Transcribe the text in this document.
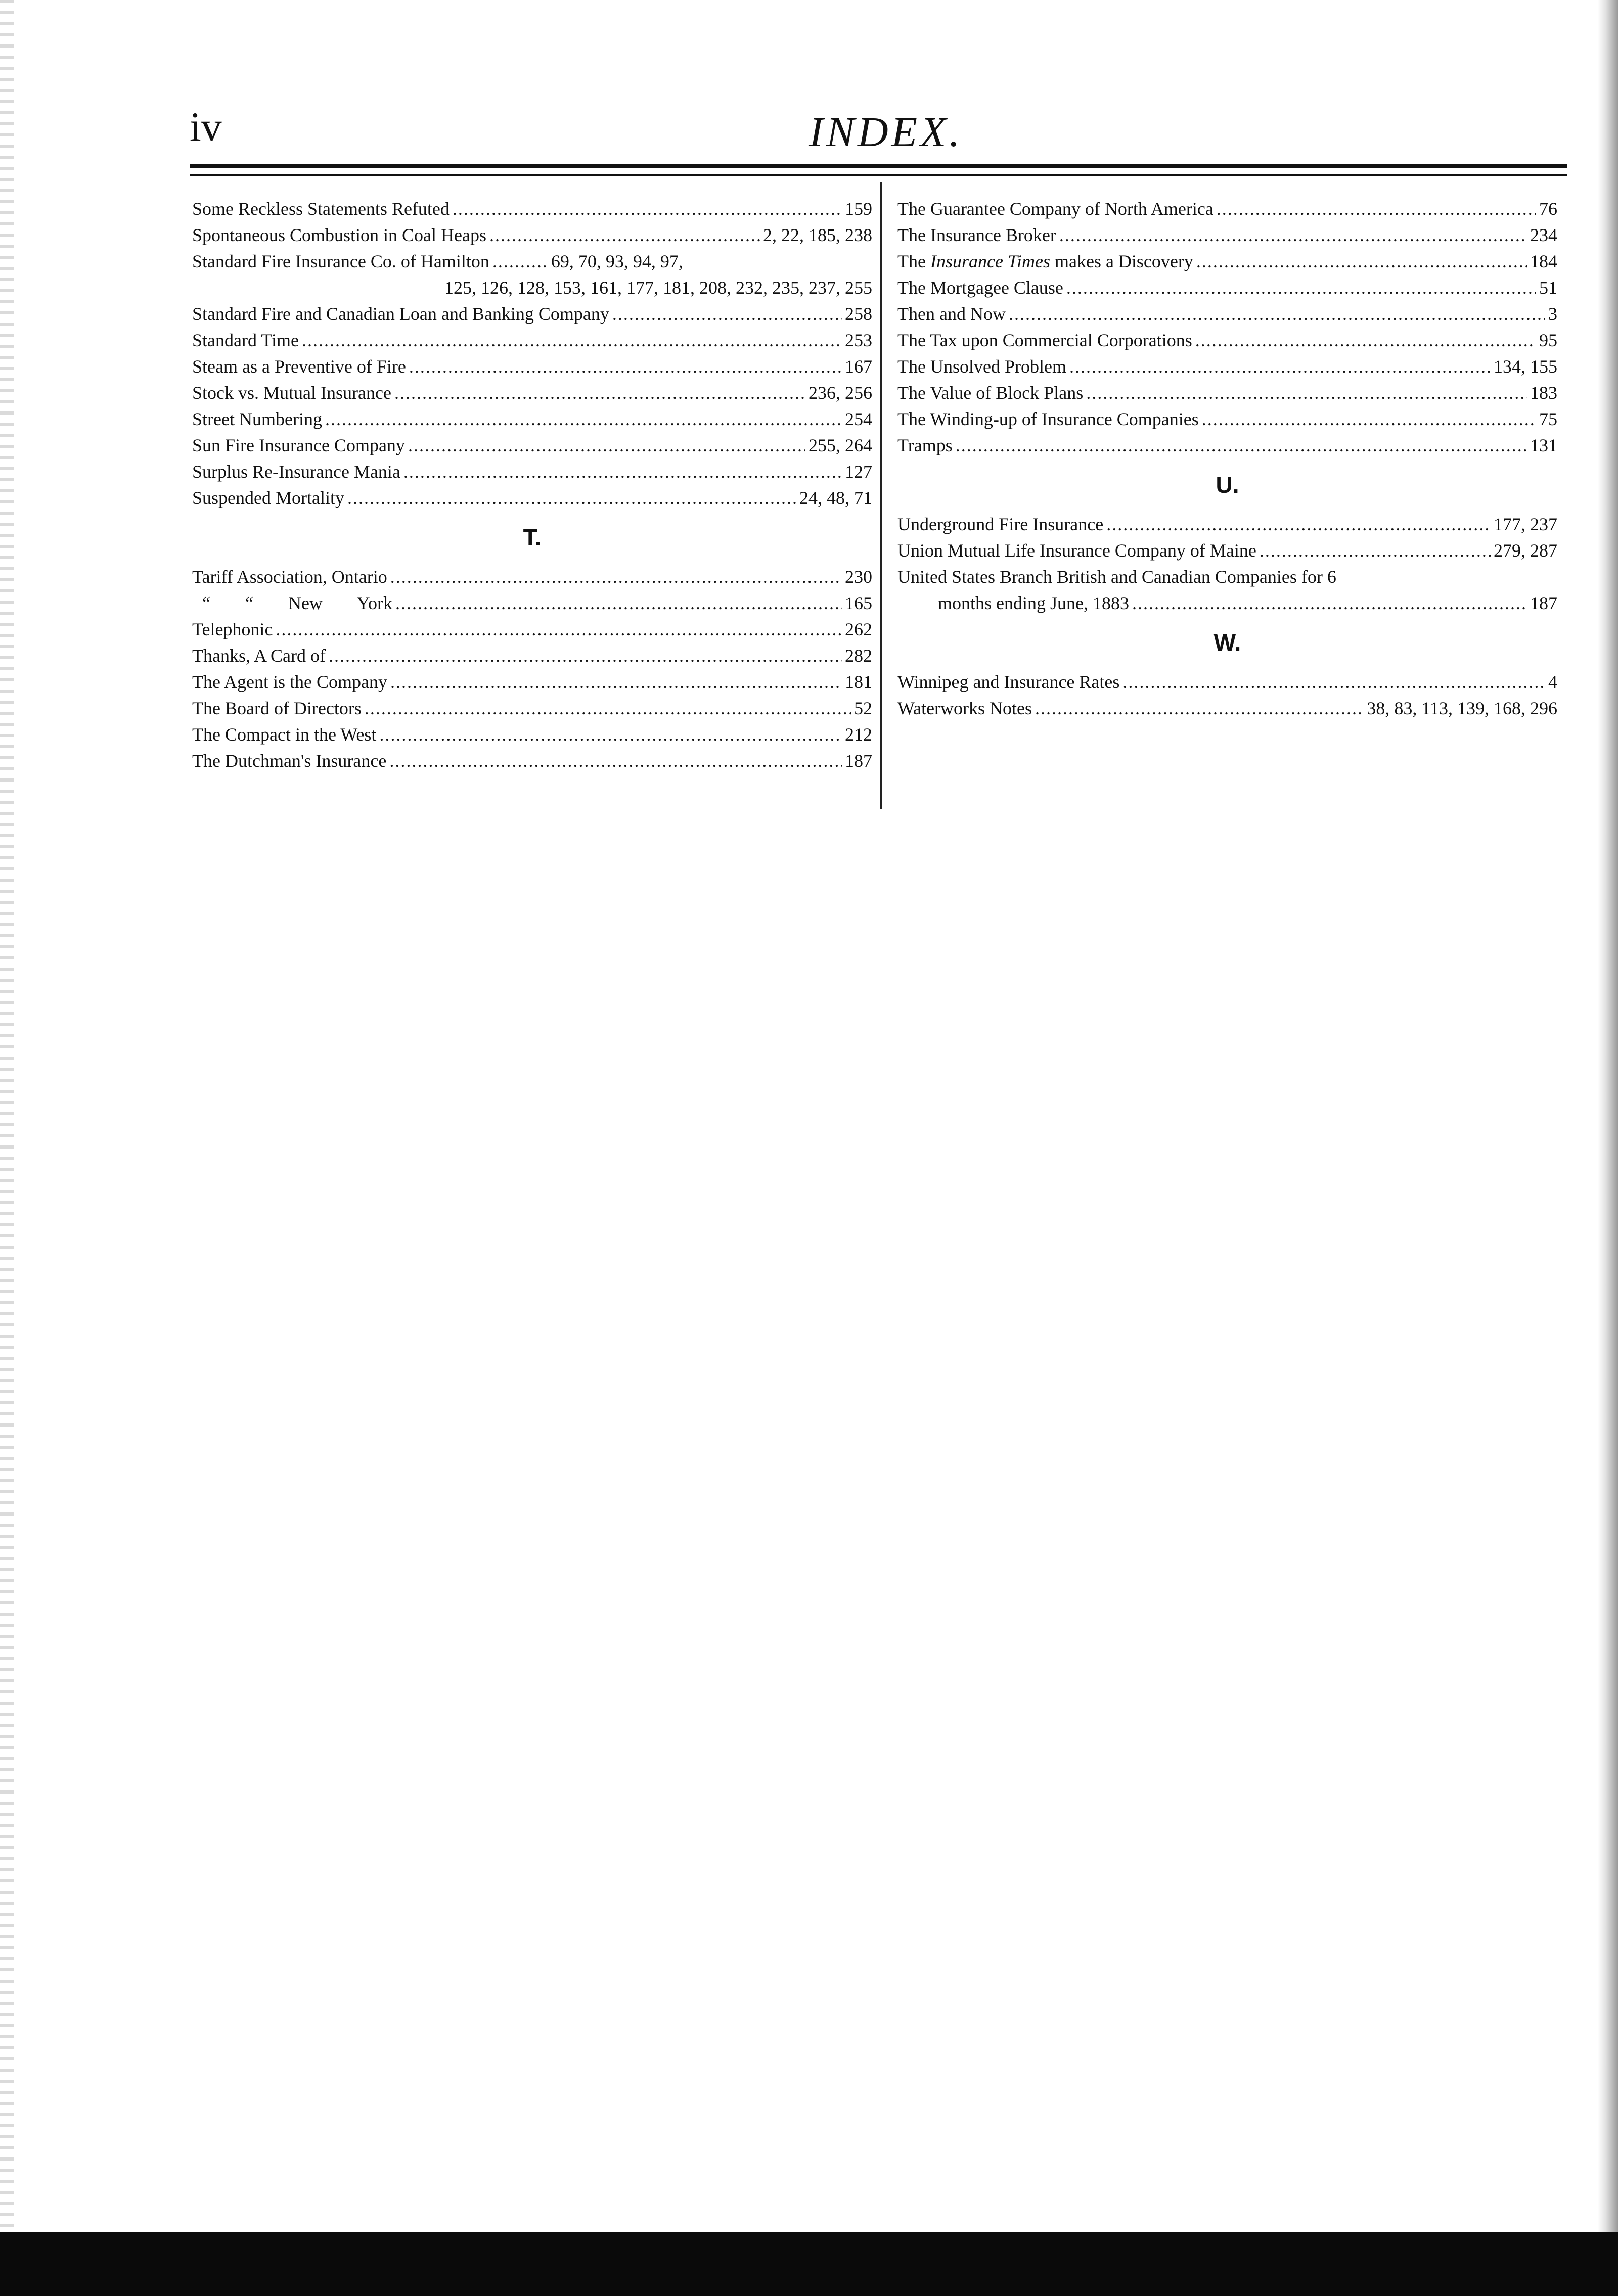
iv	INDEX.
Some Reckless Statements Refuted .....	159
Spontaneous Combustion in Coal Heaps .....	2, 22, 185, 238
Standard Fire Insurance Co. of Hamilton .....	69, 70, 93, 94, 97,
125, 126, 128, 153, 161, 177, 181, 208, 232, 235, 237, 255
Standard Fire and Canadian Loan and Banking Company .....	258
Standard Time .....	253
Steam as a Preventive of Fire .....	167
Stock vs. Mutual Insurance .....	236, 256
Street Numbering .....	254
Sun Fire Insurance Company .....	255, 264
Surplus Re-Insurance Mania .....	127
Suspended Mortality .....	24, 48, 71
T.
Tariff Association, Ontario .....	230
“ “ New York .....	165
Telephonic .....	262
Thanks, A Card of .....	282
The Agent is the Company .....	181
The Board of Directors .....	52
The Compact in the West .....	212
The Dutchman's Insurance .....	187
The Guarantee Company of North America .....	76
The Insurance Broker .....	234
The Insurance Times makes a Discovery .....	184
The Mortgagee Clause .....	51
Then and Now .....	3
The Tax upon Commercial Corporations .....	95
The Unsolved Problem .....	134, 155
The Value of Block Plans .....	183
The Winding-up of Insurance Companies .....	75
Tramps .....	131
U.
Underground Fire Insurance .....	177, 237
Union Mutual Life Insurance Company of Maine .....	279, 287
United States Branch British and Canadian Companies for 6
months ending June, 1883 .....	187
W.
Winnipeg and Insurance Rates .....	4
Waterworks Notes .....	38, 83, 113, 139, 168, 296
